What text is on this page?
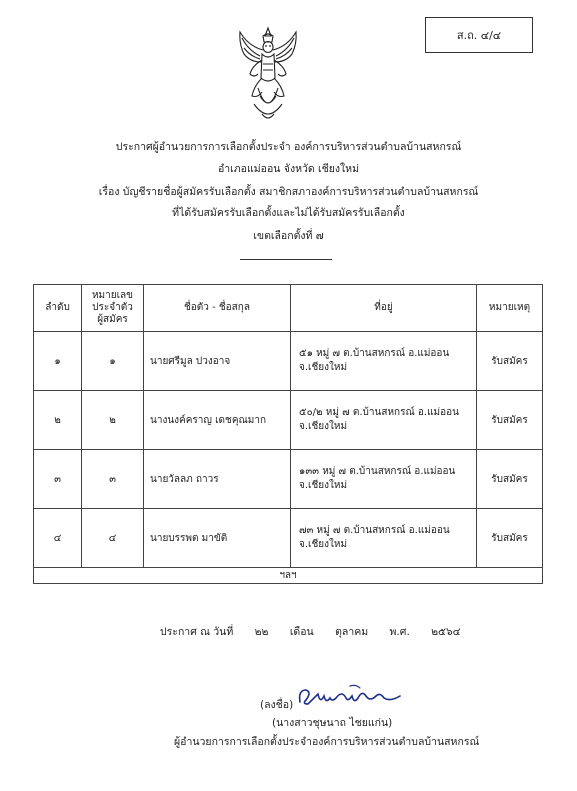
ส.ถ. ๔/๔
ประกาศผู้อำนวยการการเลือกตั้งประจำ องค์การบริหารส่วนตำบลบ้านสหกรณ์
อำเภอแม่ออน จังหวัด เชียงใหม่
เรื่อง บัญชีรายชื่อผู้สมัครรับเลือกตั้ง สมาชิกสภาองค์การบริหารส่วนตำบลบ้านสหกรณ์
ที่ได้รับสมัครรับเลือกตั้งและไม่ได้รับสมัครรับเลือกตั้ง
เขตเลือกตั้งที่ ๗
ลำดับ	หมายเลข
ประจำตัว
ผู้สมัคร	ชื่อตัว - ชื่อสกุล	ที่อยู่	หมายเหตุ
๑	๑	นายศรีมูล ปวงอาจ	๕๑ หมู่ ๗ ต.บ้านสหกรณ์ อ.แม่ออน
จ.เชียงใหม่	รับสมัคร
๒	๒	นางนงค์คราญ เดชคุณมาก	๕๐/๒ หมู่ ๗ ต.บ้านสหกรณ์ อ.แม่ออน
จ.เชียงใหม่	รับสมัคร
๓	๓	นายวัลลภ ถาวร	๑๓๓ หมู่ ๗ ต.บ้านสหกรณ์ อ.แม่ออน
จ.เชียงใหม่	รับสมัคร
๔	๔	นายบรรพต มาขัติ	๗๓ หมู่ ๗ ต.บ้านสหกรณ์ อ.แม่ออน
จ.เชียงใหม่	รับสมัคร
ฯลฯ				
ประกาศ ณ วันที่ ๒๒ เดือน ตุลาคม พ.ศ. ๒๕๖๔
(ลงชื่อ)
(นางสาวชุษนาถ ไชยแก่น)
ผู้อำนวยการการเลือกตั้งประจำองค์การบริหารส่วนตำบลบ้านสหกรณ์
